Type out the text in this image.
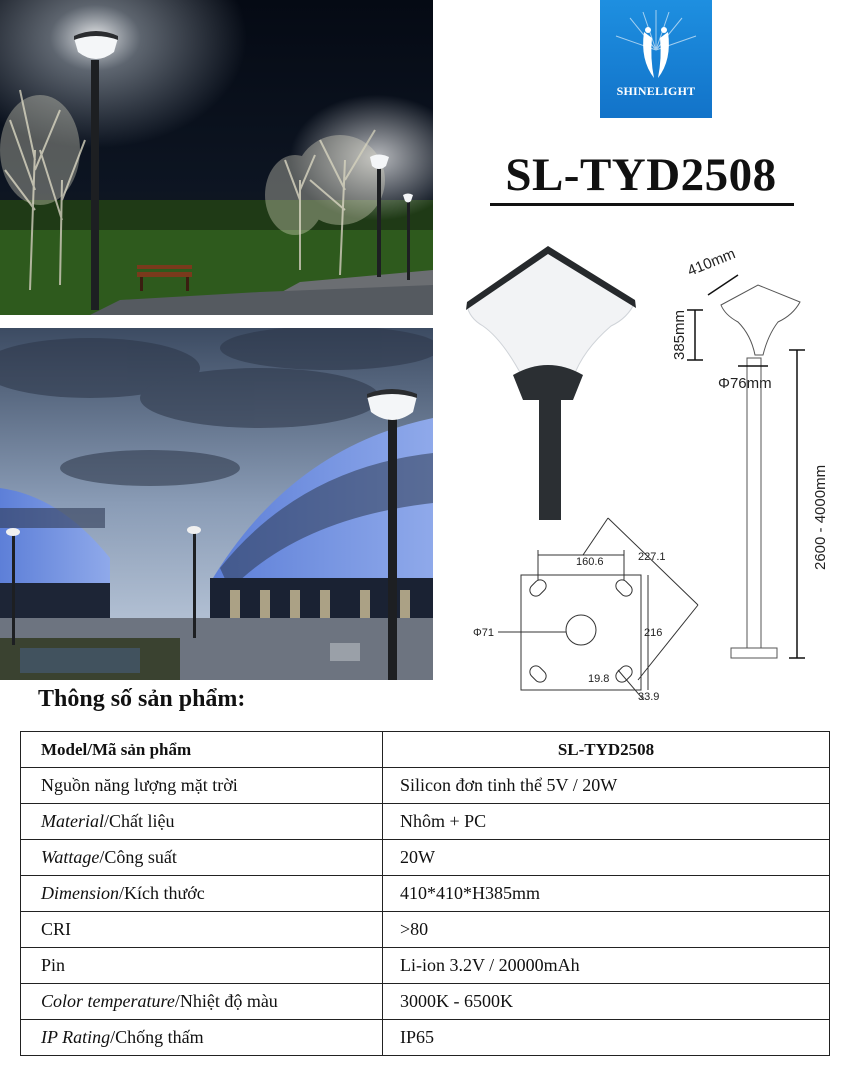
SHINELIGHT
SL-TYD2508
410mm
385mm
Φ76mm
2600 - 4000mm
160.6	227.1
216
Φ71
19.8
33.9
Thông số sản phẩm:
Model/Mã sản phẩm	SL-TYD2508
Nguồn năng lượng mặt trời	Silicon đơn tinh thể 5V / 20W
Material/Chất liệu	Nhôm + PC
Wattage/Công suất	20W
Dimension/Kích thước	410*410*H385mm
CRI	>80
Pin	Li-ion 3.2V / 20000mAh
Color temperature/Nhiệt độ màu	3000K - 6500K
IP Rating/Chống thấm	IP65
